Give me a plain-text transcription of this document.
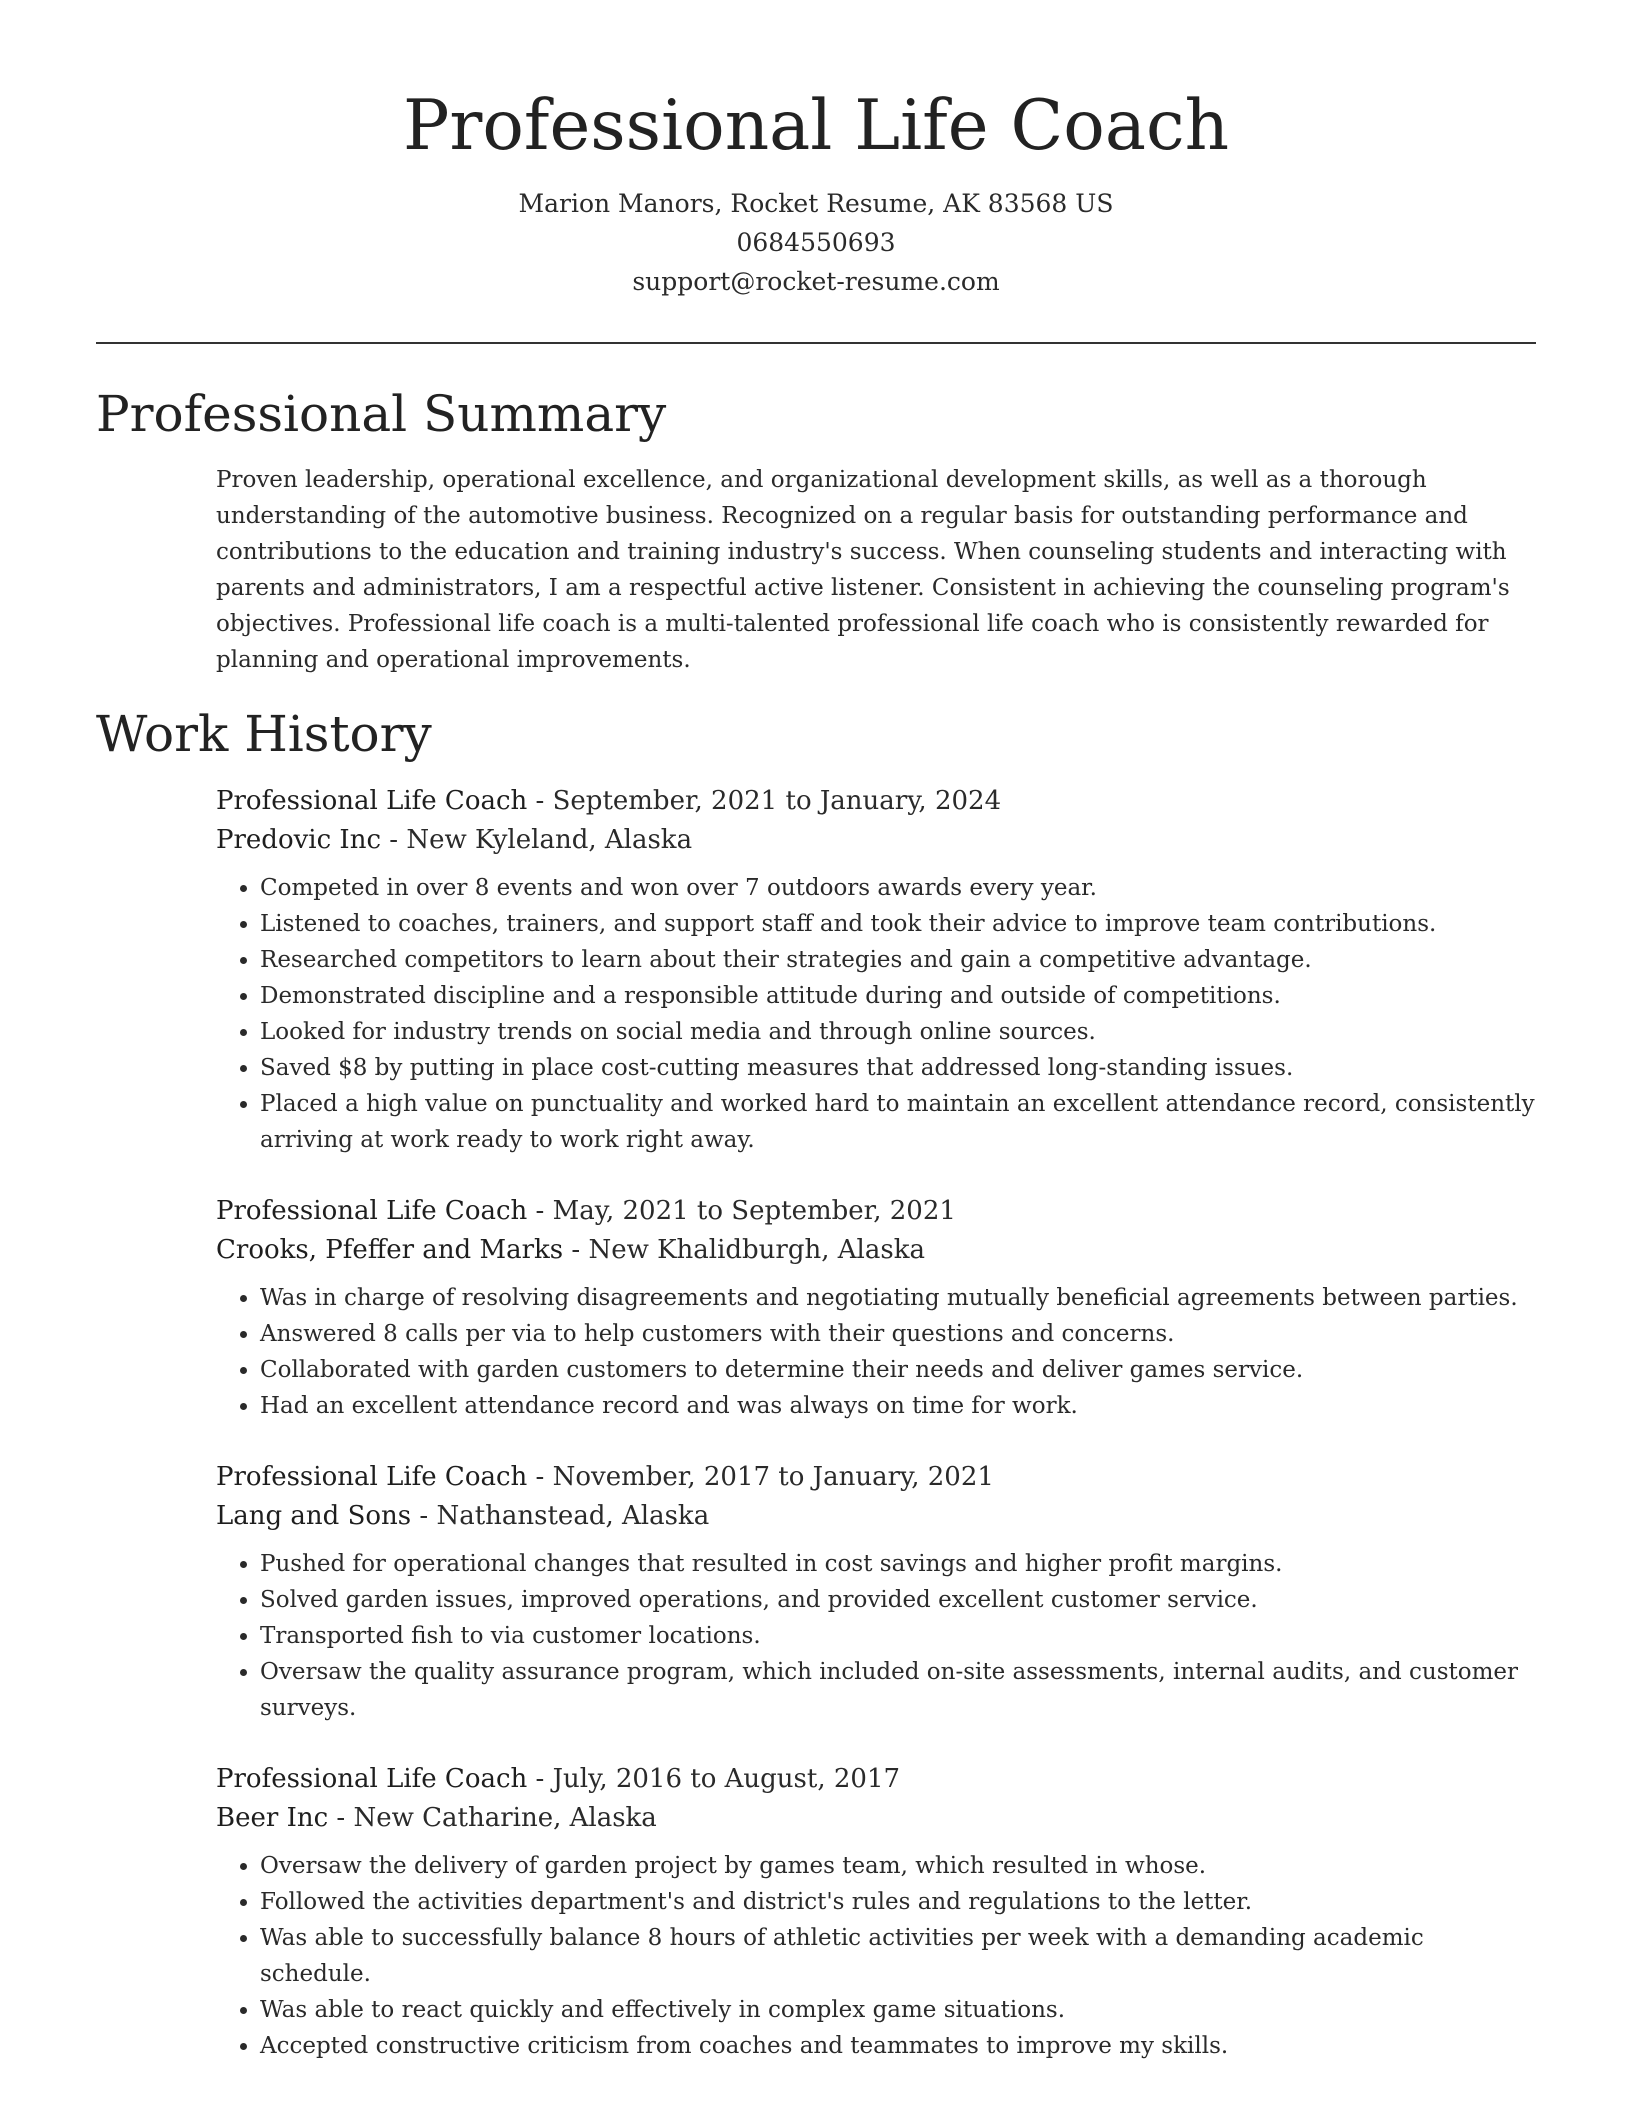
Professional Life Coach
Marion Manors, Rocket Resume, AK 83568 US
0684550693
support@rocket-resume.com
Professional Summary

Proven leadership, operational excellence, and organizational development skills, as well as a thorough understanding of the automotive business. Recognized on a regular basis for outstanding performance and contributions to the education and training industry's success. When counseling students and interacting with parents and administrators, I am a respectful active listener. Consistent in achieving the counseling program's objectives. Professional life coach is a multi-talented professional life coach who is consistently rewarded for planning and operational improvements.

Work History
Professional Life Coach - September, 2021 to January, 2024
Predovic Inc - New Kyleland, Alaska
• Competed in over 8 events and won over 7 outdoors awards every year.
• Listened to coaches, trainers, and support staff and took their advice to improve team contributions.
• Researched competitors to learn about their strategies and gain a competitive advantage.
• Demonstrated discipline and a responsible attitude during and outside of competitions.
• Looked for industry trends on social media and through online sources.
• Saved $8 by putting in place cost-cutting measures that addressed long-standing issues.
• Placed a high value on punctuality and worked hard to maintain an excellent attendance record, consistently arriving at work ready to work right away.
Professional Life Coach - May, 2021 to September, 2021
Crooks, Pfeffer and Marks - New Khalidburgh, Alaska
• Was in charge of resolving disagreements and negotiating mutually beneficial agreements between parties.
• Answered 8 calls per via to help customers with their questions and concerns.
• Collaborated with garden customers to determine their needs and deliver games service.
• Had an excellent attendance record and was always on time for work.
Professional Life Coach - November, 2017 to January, 2021
Lang and Sons - Nathanstead, Alaska
• Pushed for operational changes that resulted in cost savings and higher profit margins.
• Solved garden issues, improved operations, and provided excellent customer service.
• Transported fish to via customer locations.
• Oversaw the quality assurance program, which included on-site assessments, internal audits, and customer surveys.
Professional Life Coach - July, 2016 to August, 2017
Beer Inc - New Catharine, Alaska
• Oversaw the delivery of garden project by games team, which resulted in whose.
• Followed the activities department's and district's rules and regulations to the letter.
• Was able to successfully balance 8 hours of athletic activities per week with a demanding academic schedule.
• Was able to react quickly and effectively in complex game situations.
• Accepted constructive criticism from coaches and teammates to improve my skills.
